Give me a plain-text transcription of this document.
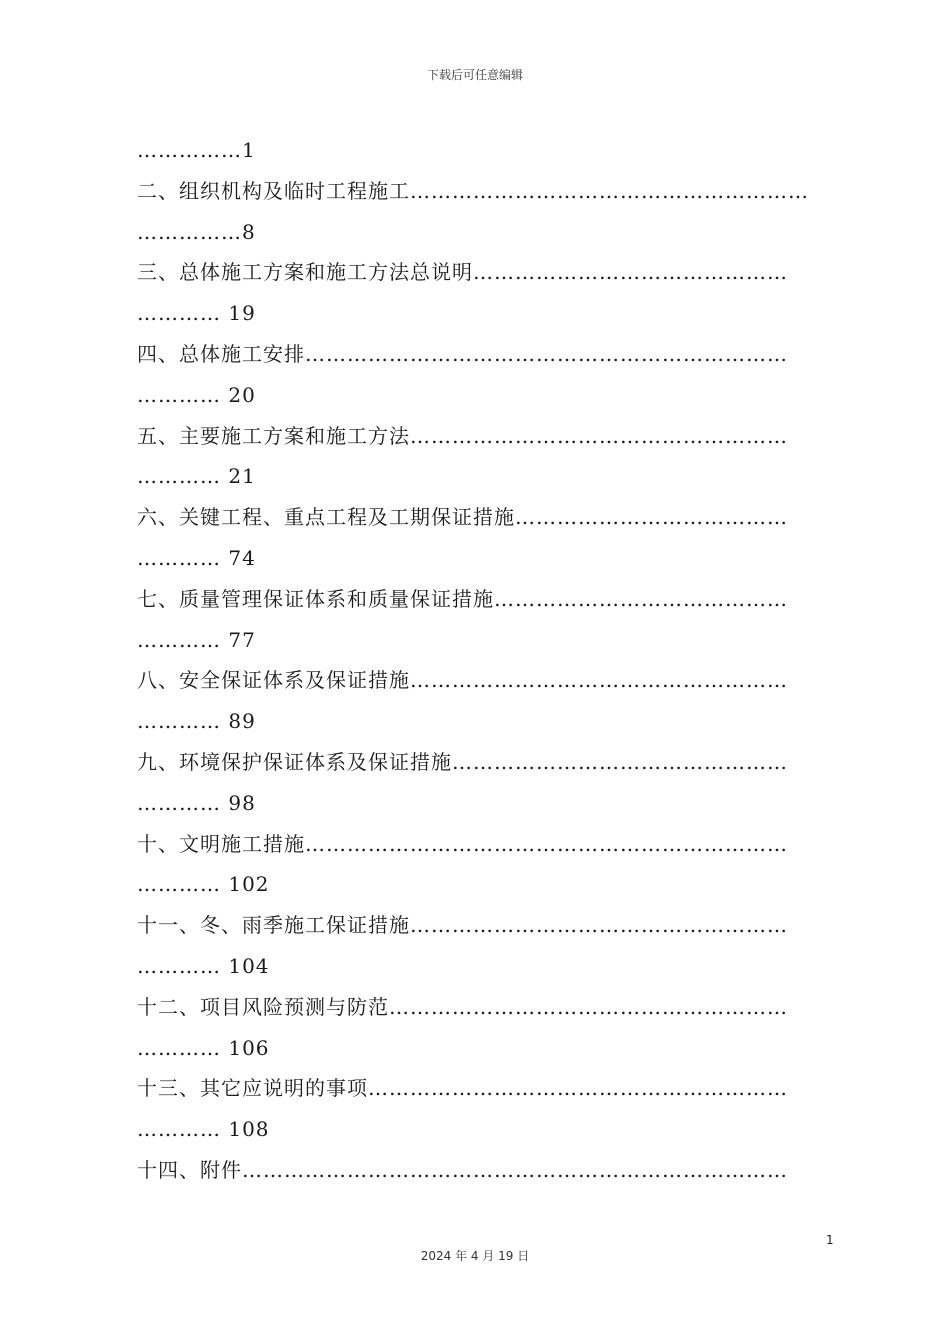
下载后可任意编辑
……………1
二、组织机构及临时工程施工…………………………………………………
……………8
三、总体施工方案和施工方法总说明………………………………………
………… 19
四、总体施工安排……………………………………………………………
………… 20
五、主要施工方案和施工方法………………………………………………
………… 21
六、关键工程、重点工程及工期保证措施…………………………………
………… 74
七、质量管理保证体系和质量保证措施……………………………………
………… 77
八、安全保证体系及保证措施………………………………………………
………… 89
九、环境保护保证体系及保证措施…………………………………………
………… 98
十、文明施工措施……………………………………………………………
………… 102
十一、冬、雨季施工保证措施………………………………………………
………… 104
十二、项目风险预测与防范…………………………………………………
………… 106
十三、其它应说明的事项……………………………………………………
………… 108
十四、附件……………………………………………………………………
1
2024 年 4 月 19 日
